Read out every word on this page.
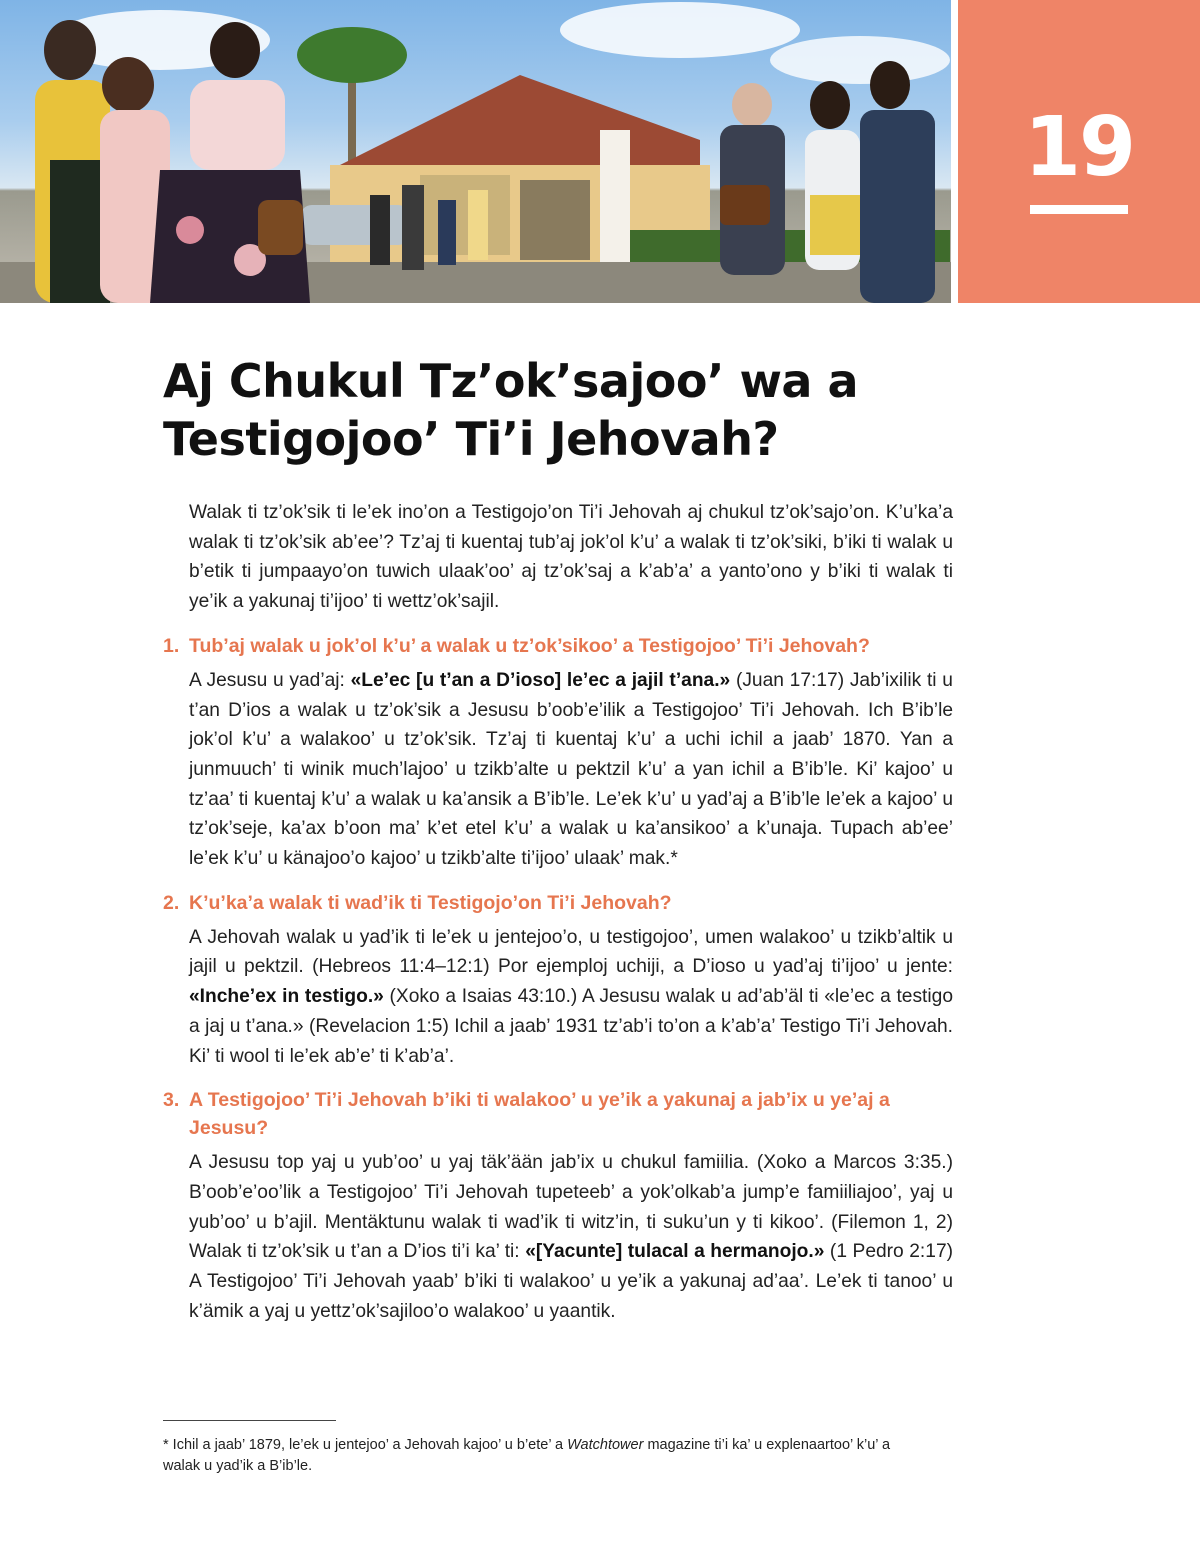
19
Aj Chukul Tz’ok’sajoo’ wa a Testigojoo’ Ti’i Jehovah?

Walak ti tz’ok’sik ti le’ek ino’on a Testigojo’on Ti’i Jehovah aj chukul tz’ok’sajo’on. K’u’ka’a walak ti tz’ok’sik ab’ee’? Tz’aj ti kuentaj tub’aj jok’ol k’u’ a walak ti tz’ok’siki, b’iki ti walak u b’etik ti jumpaayo’on tuwich ulaak’oo’ aj tz’ok’saj a k’ab’a’ a yanto’ono y b’iki ti walak ti ye’ik a yakunaj ti’ijoo’ ti wettz’ok’sajil.

1. Tub’aj walak u jok’ol k’u’ a walak u tz’ok’sikoo’ a Testigojoo’ Ti’i Jehovah?

A Jesusu u yad’aj: «Le’ec [u t’an a D’ioso] le’ec a jajil t’ana.» (Juan 17:17) Jab’ixilik ti u t’an D’ios a walak u tz’ok’sik a Jesusu b’oob’e’ilik a Testigojoo’ Ti’i Jehovah. Ich B’ib’le jok’ol k’u’ a walakoo’ u tz’ok’sik. Tz’aj ti kuentaj k’u’ a uchi ichil a jaab’ 1870. Yan a junmuuch’ ti winik much’lajoo’ u tzikb’alte u pektzil k’u’ a yan ichil a B’ib’le. Ki’ kajoo’ u tz’aa’ ti kuentaj k’u’ a walak u ka’ansik a B’ib’le. Le’ek k’u’ u yad’aj a B’ib’le le’ek a kajoo’ u tz’ok’seje, ka’ax b’oon ma’ k’et etel k’u’ a walak u ka’ansikoo’ a k’unaja. Tupach ab’ee’ le’ek k’u’ u känajoo’o kajoo’ u tzikb’alte ti’ijoo’ ulaak’ mak.*

2. K’u’ka’a walak ti wad’ik ti Testigojo’on Ti’i Jehovah?

A Jehovah walak u yad’ik ti le’ek u jentejoo’o, u testigojoo’, umen walakoo’ u tzikb’altik u jajil u pektzil. (Hebreos 11:4–12:1) Por ejemploj uchiji, a D’ioso u yad’aj ti’ijoo’ u jente: «Inche’ex in testigo.» (Xoko a Isaias 43:10.) A Jesusu walak u ad’ab’äl ti «le’ec a testigo a jaj u t’ana.» (Revelacion 1:5) Ichil a jaab’ 1931 tz’ab’i to’on a k’ab’a’ Testigo Ti’i Jehovah. Ki’ ti wool ti le’ek ab’e’ ti k’ab’a’.

3. A Testigojoo’ Ti’i Jehovah b’iki ti walakoo’ u ye’ik a yakunaj a jab’ix u ye’aj a Jesusu?

A Jesusu top yaj u yub’oo’ u yaj täk’ään jab’ix u chukul famiilia. (Xoko a Marcos 3:35.) B’oob’e’oo’lik a Testigojoo’ Ti’i Jehovah tupeteeb’ a yok’olkab’a jump’e famiiliajoo’, yaj u yub’oo’ u b’ajil. Mentäktunu walak ti wad’ik ti witz’in, ti suku’un y ti kikoo’. (Filemon 1, 2) Walak ti tz’ok’sik u t’an a D’ios ti’i ka’ ti: «[Yacunte] tulacal a hermanojo.» (1 Pedro 2:17) A Testigojoo’ Ti’i Jehovah yaab’ b’iki ti walakoo’ u ye’ik a yakunaj ad’aa’. Le’ek ti tanoo’ u k’ämik a yaj u yettz’ok’sajiloo’o walakoo’ u yaantik.

* Ichil a jaab’ 1879, le’ek u jentejoo’ a Jehovah kajoo’ u b’ete’ a Watchtower magazine ti’i ka’ u explenaartoo’ k’u’ a walak u yad’ik a B’ib’le.
